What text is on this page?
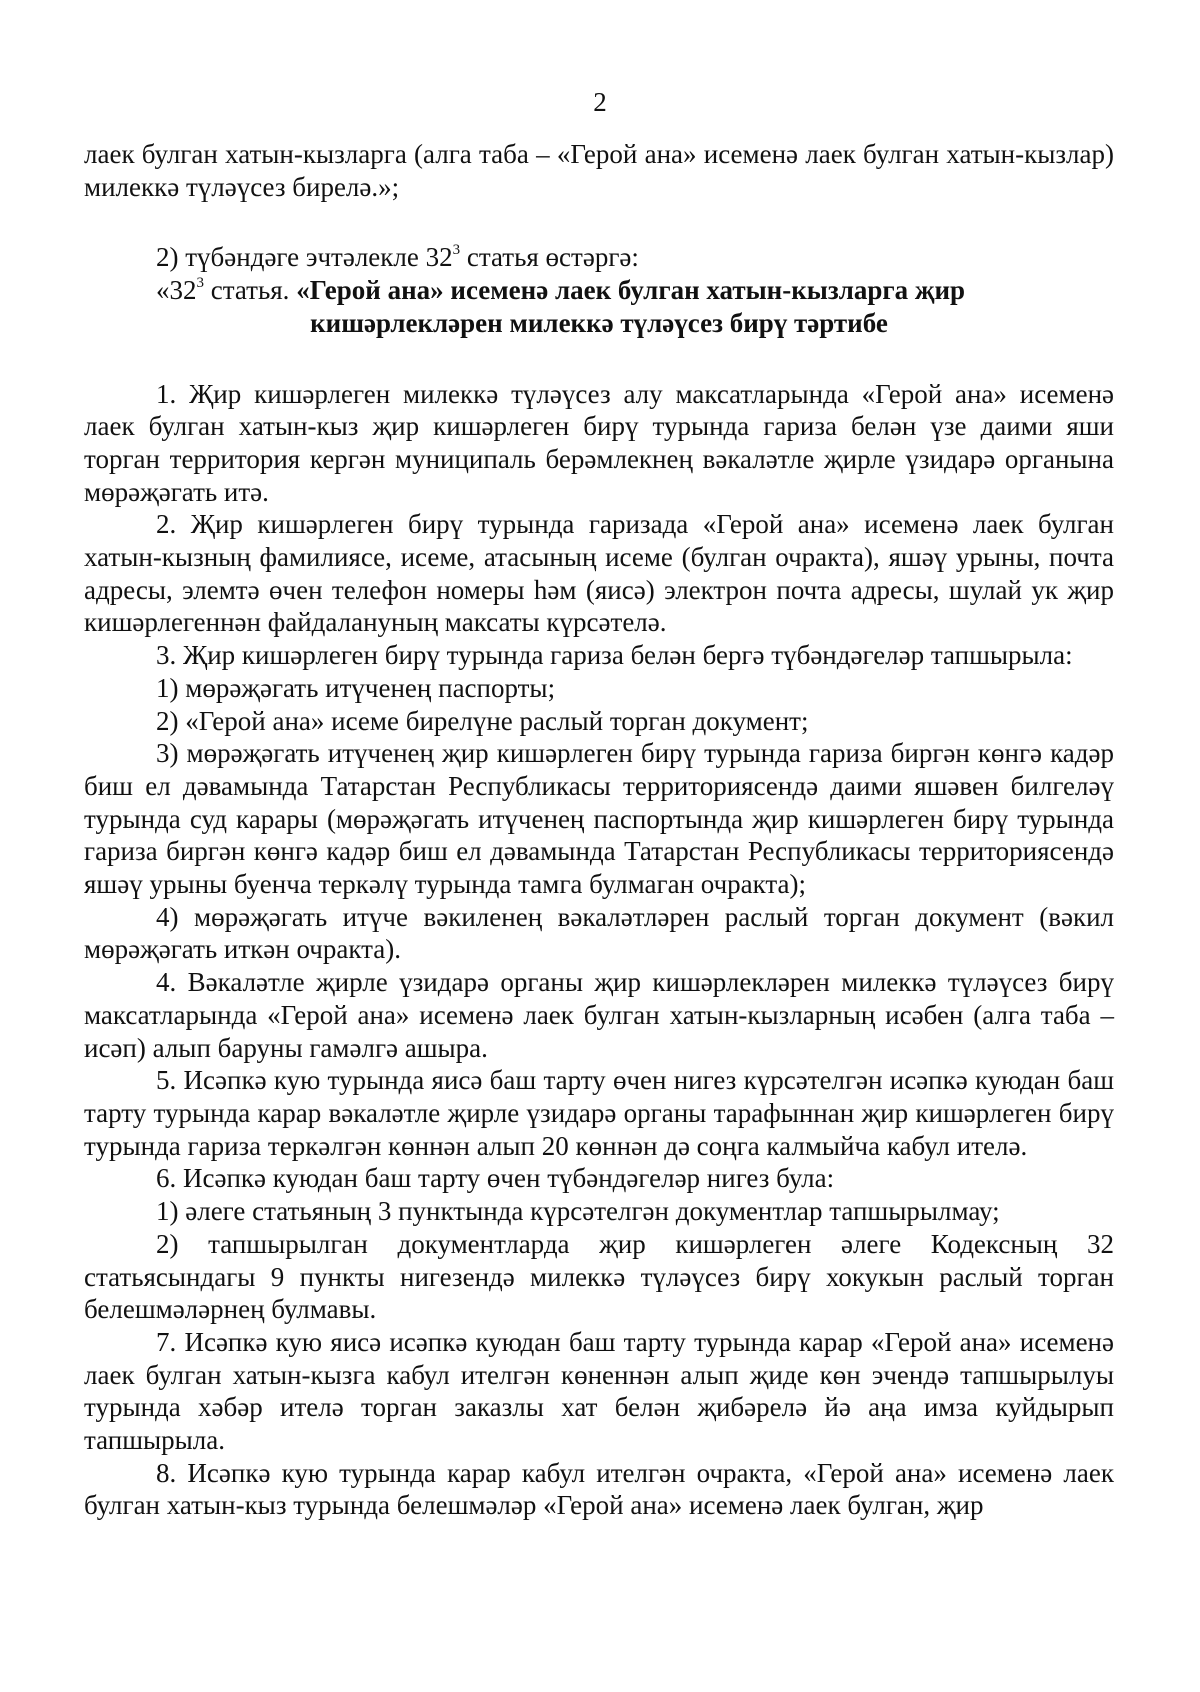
2

лаек булган хатын-кызларга (алга таба – «Герой ана» исеменә лаек булган хатын-кызлар) милеккә түләүсез бирелә.»;

2) түбәндәге эчтәлекле $32^3$ статья өстәргә:

«$32^3$ статья. «Герой ана» исеменә лаек булган хатын-кызларга җир

кишәрлекләрен милеккә түләүсез бирү тәртибе

1. Җир кишәрлеген милеккә түләүсез алу максатларында «Герой ана» исеменә лаек булган хатын-кыз җир кишәрлеген бирү турында гариза белән үзе даими яши торган территория кергән муниципаль берәмлекнең вәкаләтле җирле үзидарә органына мөрәҗәгать итә.

2. Җир кишәрлеген бирү турында гаризада «Герой ана» исеменә лаек булган хатын-кызның фамилиясе, исеме, атасының исеме (булган очракта), яшәү урыны, почта адресы, элемтә өчен телефон номеры һәм (яисә) электрон почта адресы, шулай ук җир кишәрлегеннән файдалануның максаты күрсәтелә.

3. Җир кишәрлеген бирү турында гариза белән бергә түбәндәгеләр тапшырыла:

1) мөрәҗәгать итүченең паспорты;

2) «Герой ана» исеме бирелүне раслый торган документ;

3) мөрәҗәгать итүченең җир кишәрлеген бирү турында гариза биргән көнгә кадәр биш ел дәвамында Татарстан Республикасы территориясендә даими яшәвен билгеләү турында суд карары (мөрәҗәгать итүченең паспортында җир кишәрлеген бирү турында гариза биргән көнгә кадәр биш ел дәвамында Татарстан Республикасы территориясендә яшәү урыны буенча теркәлү турында тамга булмаган очракта);

4) мөрәҗәгать итүче вәкиленең вәкаләтләрен раслый торган документ (вәкил мөрәҗәгать иткән очракта).

4. Вәкаләтле җирле үзидарә органы җир кишәрлекләрен милеккә түләүсез бирү максатларында «Герой ана» исеменә лаек булган хатын-кызларның исәбен (алга таба – исәп) алып баруны гамәлгә ашыра.

5. Исәпкә кую турында яисә баш тарту өчен нигез күрсәтелгән исәпкә куюдан баш тарту турында карар вәкаләтле җирле үзидарә органы тарафыннан җир кишәрлеген бирү турында гариза теркәлгән көннән алып 20 көннән дә соңга калмыйча кабул ителә.

6. Исәпкә куюдан баш тарту өчен түбәндәгеләр нигез була:

1) әлеге статьяның 3 пунктында күрсәтелгән документлар тапшырылмау;

2) тапшырылган документларда җир кишәрлеген әлеге Кодексның 32 статьясындагы 9 пункты нигезендә милеккә түләүсез бирү хокукын раслый торган белешмәләрнең булмавы.

7. Исәпкә кую яисә исәпкә куюдан баш тарту турында карар «Герой ана» исеменә лаек булган хатын-кызга кабул ителгән көненнән алып җиде көн эчендә тапшырылуы турында хәбәр ителә торган заказлы хат белән җибәрелә йә аңа имза куйдырып тапшырыла.

8. Исәпкә кую турында карар кабул ителгән очракта, «Герой ана» исеменә лаек булган хатын-кыз турында белешмәләр «Герой ана» исеменә лаек булган, җир
